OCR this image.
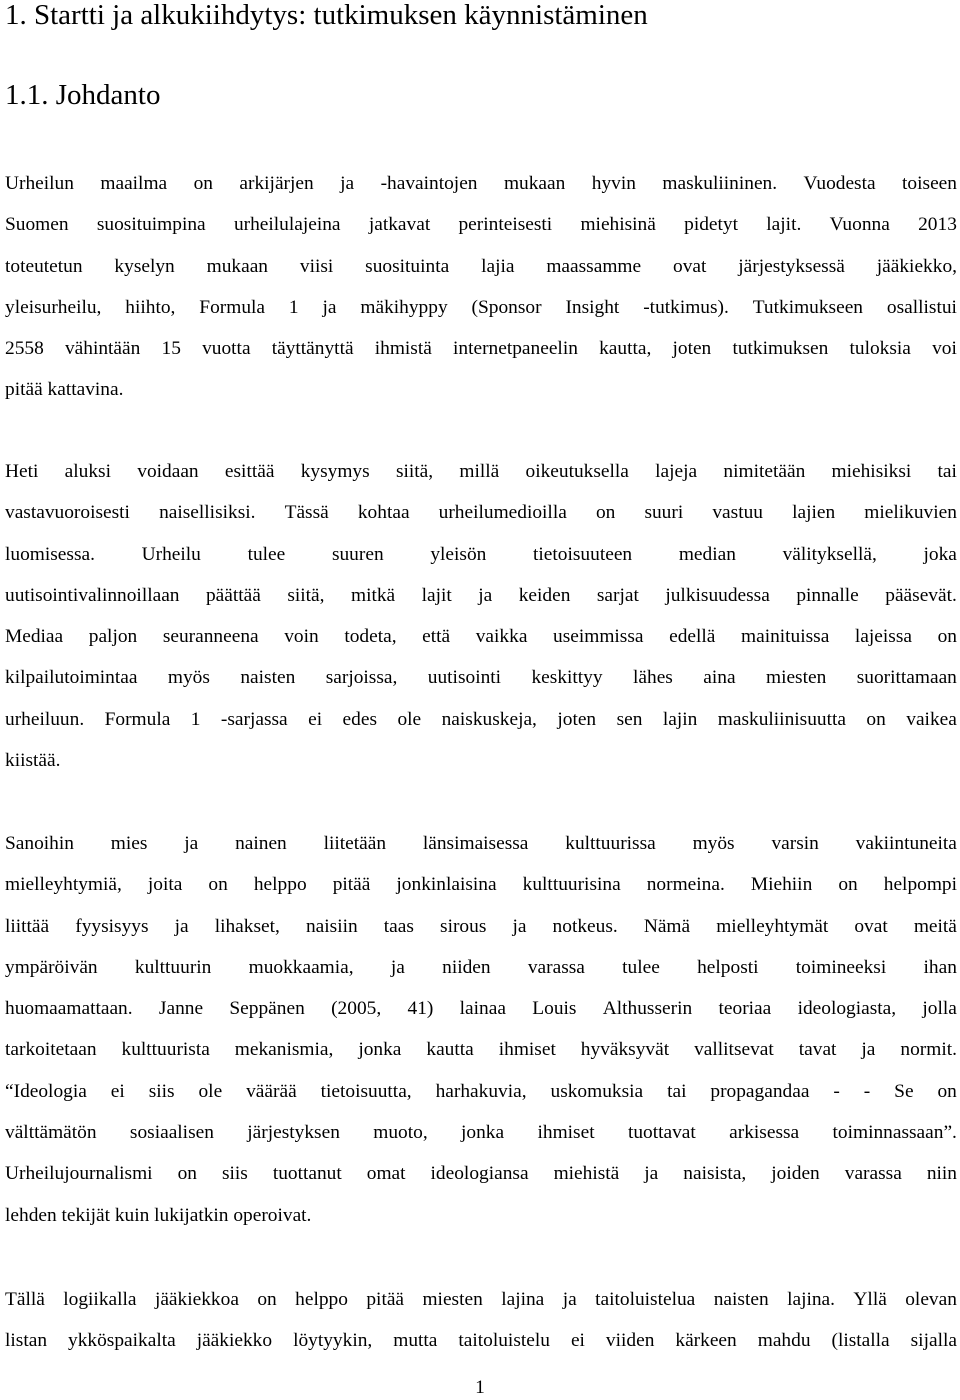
1. Startti ja alkukiihdytys: tutkimuksen käynnistäminen
1.1. Johdanto
Urheilun maailma on arkijärjen ja -havaintojen mukaan hyvin maskuliininen. Vuodesta toiseen
Suomen suosituimpina urheilulajeina jatkavat perinteisesti miehisinä pidetyt lajit. Vuonna 2013
toteutetun kyselyn mukaan viisi suosituinta lajia maassamme ovat järjestyksessä jääkiekko,
yleisurheilu, hiihto, Formula 1 ja mäkihyppy (Sponsor Insight -tutkimus). Tutkimukseen osallistui
2558 vähintään 15 vuotta täyttänyttä ihmistä internetpaneelin kautta, joten tutkimuksen tuloksia voi
pitää kattavina.
Heti aluksi voidaan esittää kysymys siitä, millä oikeutuksella lajeja nimitetään miehisiksi tai
vastavuoroisesti naisellisiksi. Tässä kohtaa urheilumedioilla on suuri vastuu lajien mielikuvien
luomisessa. Urheilu tulee suuren yleisön tietoisuuteen median välityksellä, joka
uutisointivalinnoillaan päättää siitä, mitkä lajit ja keiden sarjat julkisuudessa pinnalle pääsevät.
Mediaa paljon seuranneena voin todeta, että vaikka useimmissa edellä mainituissa lajeissa on
kilpailutoimintaa myös naisten sarjoissa, uutisointi keskittyy lähes aina miesten suorittamaan
urheiluun. Formula 1 -sarjassa ei edes ole naiskuskeja, joten sen lajin maskuliinisuutta on vaikea
kiistää.
Sanoihin mies ja nainen liitetään länsimaisessa kulttuurissa myös varsin vakiintuneita
mielleyhtymiä, joita on helppo pitää jonkinlaisina kulttuurisina normeina. Miehiin on helpompi
liittää fyysisyys ja lihakset, naisiin taas sirous ja notkeus. Nämä mielleyhtymät ovat meitä
ympäröivän kulttuurin muokkaamia, ja niiden varassa tulee helposti toimineeksi ihan
huomaamattaan. Janne Seppänen (2005, 41) lainaa Louis Althusserin teoriaa ideologiasta, jolla
tarkoitetaan kulttuurista mekanismia, jonka kautta ihmiset hyväksyvät vallitsevat tavat ja normit.
“Ideologia ei siis ole väärää tietoisuutta, harhakuvia, uskomuksia tai propagandaa - - Se on
välttämätön sosiaalisen järjestyksen muoto, jonka ihmiset tuottavat arkisessa toiminnassaan”.
Urheilujournalismi on siis tuottanut omat ideologiansa miehistä ja naisista, joiden varassa niin
lehden tekijät kuin lukijatkin operoivat.
Tällä logiikalla jääkiekkoa on helppo pitää miesten lajina ja taitoluistelua naisten lajina. Yllä olevan
listan ykköspaikalta jääkiekko löytyykin, mutta taitoluistelu ei viiden kärkeen mahdu (listalla sijalla
1
